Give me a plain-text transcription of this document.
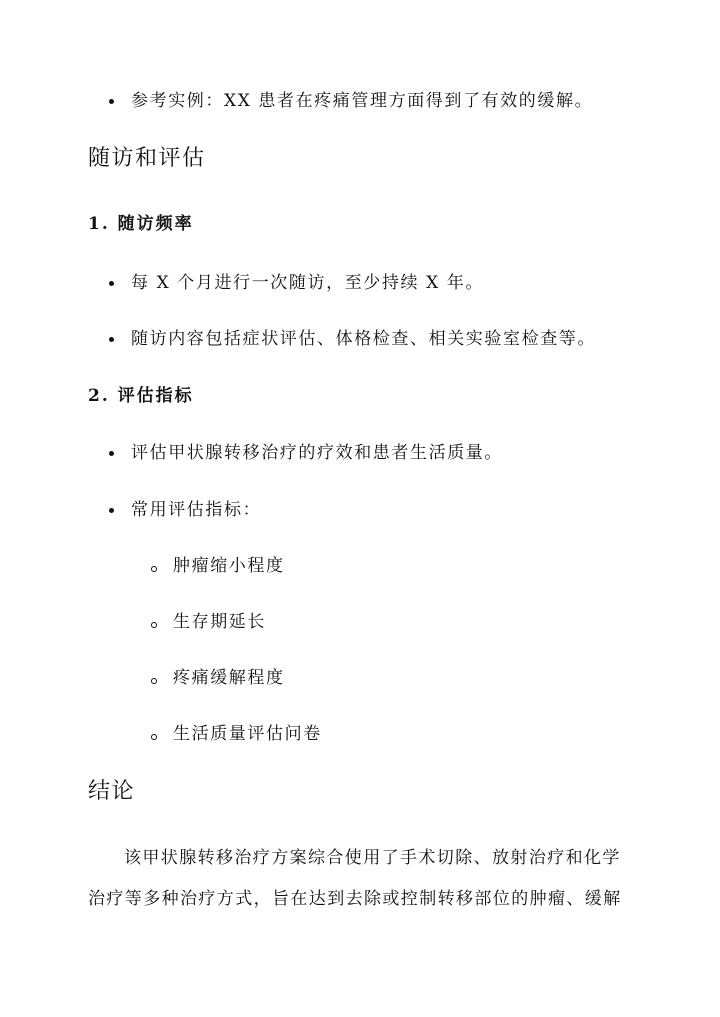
参考实例：XX 患者在疼痛管理方面得到了有效的缓解。
随访和评估
1. 随访频率
每 X 个月进行一次随访，至少持续 X 年。
随访内容包括症状评估、体格检查、相关实验室检查等。
2. 评估指标
评估甲状腺转移治疗的疗效和患者生活质量。
常用评估指标：
肿瘤缩小程度
生存期延长
疼痛缓解程度
生活质量评估问卷
结论
该甲状腺转移治疗方案综合使用了手术切除、放射治疗和化学
治疗等多种治疗方式，旨在达到去除或控制转移部位的肿瘤、缓解
